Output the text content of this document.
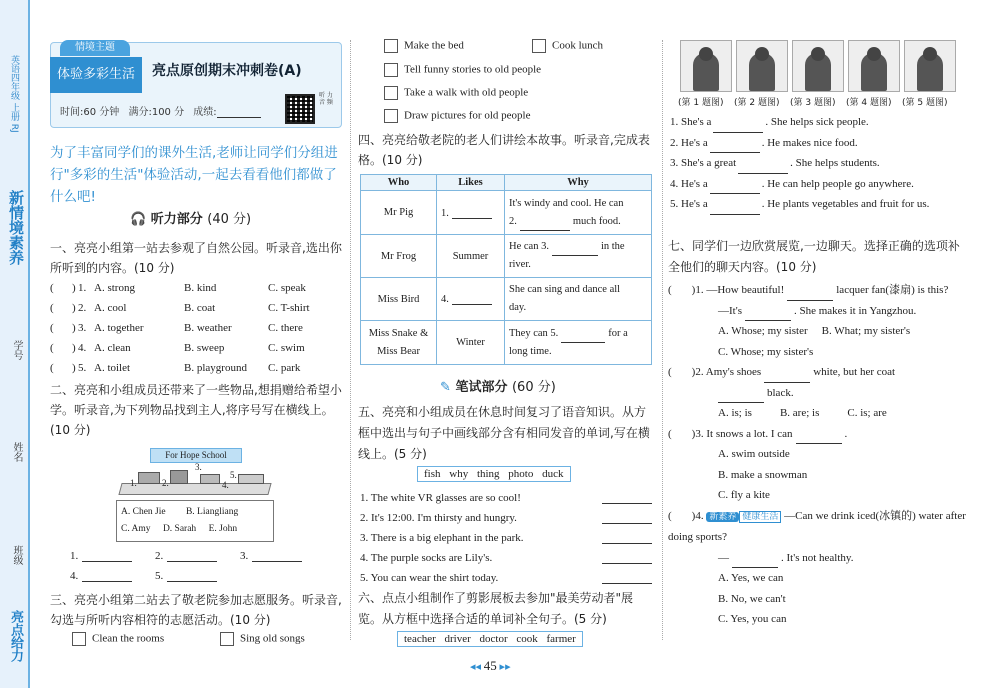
新情境素养
英语四年级 上册 RJ
学号
姓名
班级
亮点给力
情境主题
体验多彩生活	亮点原创期末冲刺卷(A)
时间:60 分钟 满分:100 分 成绩:
听 力 音 频
为了丰富同学们的课外生活,老师让同学们分组进行"多彩的生活"体验活动,一起去看看他们都做了什么吧!
🎧 听力部分 (40 分)
一、亮亮小组第一站去参观了自然公园。听录音,选出你所听到的内容。(10 分)
( ) 1. A. strong	B. kind	C. speak
( ) 2. A. cool	B. coat	C. T-shirt
( ) 3. A. together	B. weather	C. there
( ) 4. A. clean	B. sweep	C. swim
( ) 5. A. toilet	B. playground C. park
二、亮亮和小组成员还带来了一些物品,想捐赠给希望小学。听录音,为下列物品找到主人,将序号写在横线上。(10 分)
For Hope School
3.
1.	2.	4.
5.
A. Chen Jie B. Liangliang
C. Amy D. Sarah E. John
1.	2.	3.
4.	5.
三、亮亮小组第二站去了敬老院参加志愿服务。听录音,勾选与所听内容相符的志愿活动。(10 分)
Clean the rooms	Sing old songs
Make the bed	Cook lunch
Tell funny stories to old people
Take a walk with old people
Draw pictures for old people
四、亮亮给敬老院的老人们讲绘本故事。听录音,完成表格。(10 分)
Who	Likes	Why
Mr Pig	1.	It's windy and cool. He can
2. much food.
Mr Frog	Summer	He can 3. in the river.
Miss Bird	4.	She can sing and dance all
day.
Miss Snake & Miss Bear	Winter	They can 5. for a long time.
✎ 笔试部分 (60 分)
五、亮亮和小组成员在休息时间复习了语音知识。从方框中选出与句子中画线部分含有相同发音的单词,写在横线上。(5 分)
fish why thing photo duck
1. The white VR glasses are so cool!
2. It's 12:00. I'm thirsty and hungry.
3. There is a big elephant in the park.
4. The purple socks are Lily's.
5. You can wear the shirt today.
六、点点小组制作了剪影展板去参加"最美劳动者"展览。从方框中选择合适的单词补全句子。(5 分)
teacher driver doctor cook farmer
◂◂ 45 ▸▸
(第 1 题图) (第 2 题图) (第 3 题图) (第 4 题图) (第 5 题图)
1. She's a	. She helps sick people.
2. He's a	. He makes nice food.
3. She's a great	. She helps students.
4. He's a	. He can help people go anywhere.
5. He's a	. He plants vegetables and fruit for us.
七、同学们一边欣赏展览,一边聊天。选择正确的选项补全他们的聊天内容。(10 分)
( )1. —How beautiful!	lacquer fan(漆扇) is this?
—It's	. She makes it in Yangzhou.
A. Whose; my sister B. What; my sister's
C. Whose; my sister's
( )2. Amy's shoes	white, but her coat
black.
A. is; is	B. are; is	C. is; are
( )3. It snows a lot. I can	.
A. swim outside
B. make a snowman
C. fly a kite
( )4. 新素养 健康生活 —Can we drink iced(冰镇的) water after doing sports?
—	. It's not healthy.
A. Yes, we can
B. No, we can't
C. Yes, you can
